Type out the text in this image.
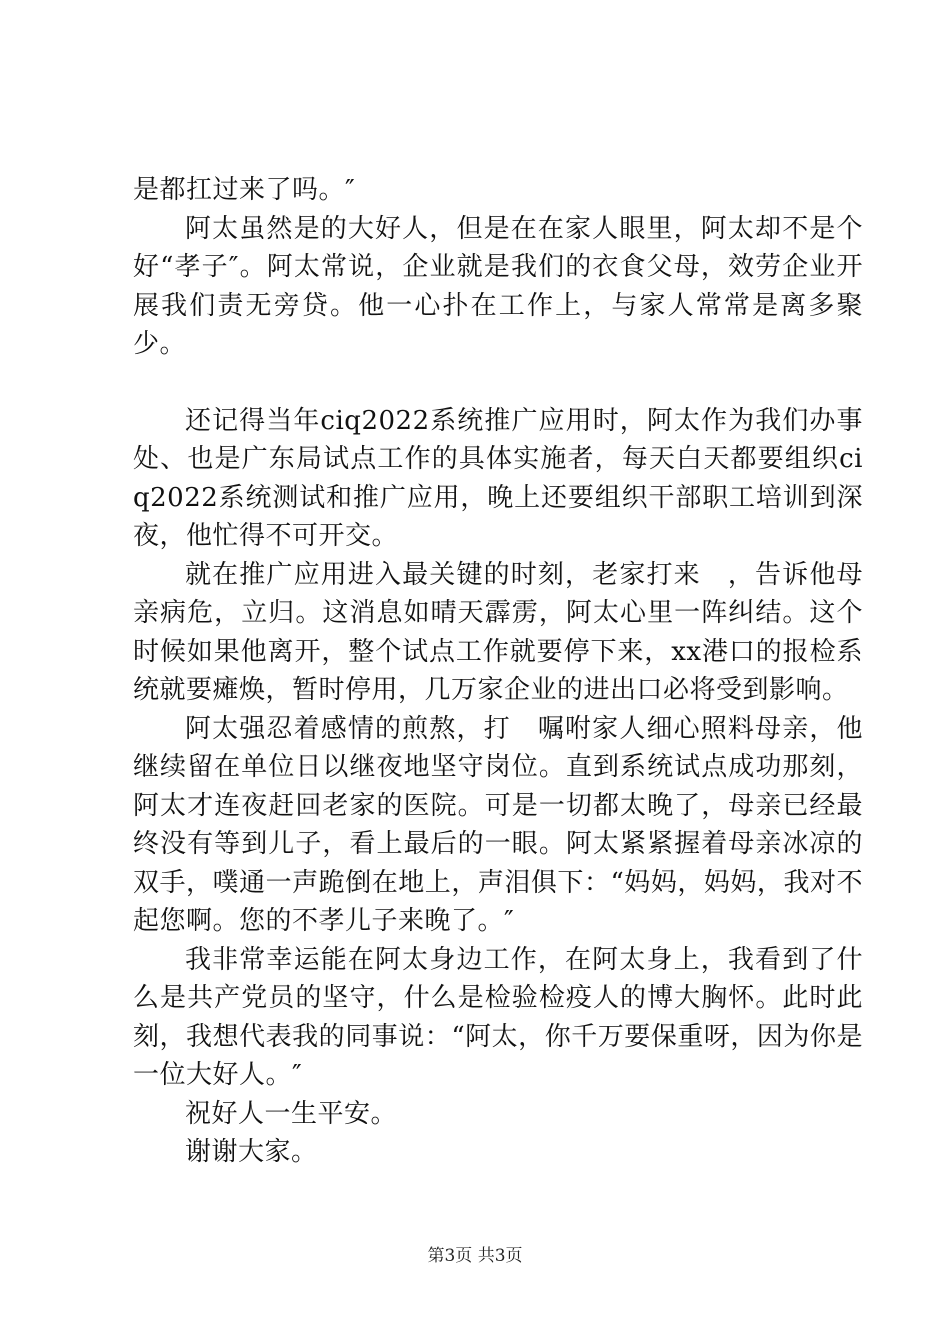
是都扛过来了吗。″

阿太虽然是的大好人，但是在在家人眼里，阿太却不是个好“孝子″。阿太常说，企业就是我们的衣食父母，效劳企业开展我们责无旁贷。他一心扑在工作上，与家人常常是离多聚少。

还记得当年ciq2022系统推广应用时，阿太作为我们办事处、也是广东局试点工作的具体实施者，每天白天都要组织ciq2022系统测试和推广应用，晚上还要组织干部职工培训到深夜，他忙得不可开交。

就在推广应用进入最关键的时刻，老家打来　，告诉他母亲病危，立归。这消息如晴天霹雳，阿太心里一阵纠结。这个时候如果他离开，整个试点工作就要停下来，xx港口的报检系统就要瘫焕，暂时停用，几万家企业的进出口必将受到影响。

阿太强忍着感情的煎熬，打　嘱咐家人细心照料母亲，他继续留在单位日以继夜地坚守岗位。直到系统试点成功那刻，阿太才连夜赶回老家的医院。可是一切都太晚了，母亲已经最终没有等到儿子，看上最后的一眼。阿太紧紧握着母亲冰凉的双手，噗通一声跪倒在地上，声泪俱下：“妈妈，妈妈，我对不起您啊。您的不孝儿子来晚了。″

我非常幸运能在阿太身边工作，在阿太身上，我看到了什么是共产党员的坚守，什么是检验检疫人的博大胸怀。此时此刻，我想代表我的同事说：“阿太，你千万要保重呀，因为你是一位大好人。″

祝好人一生平安。

谢谢大家。

第3页 共3页
